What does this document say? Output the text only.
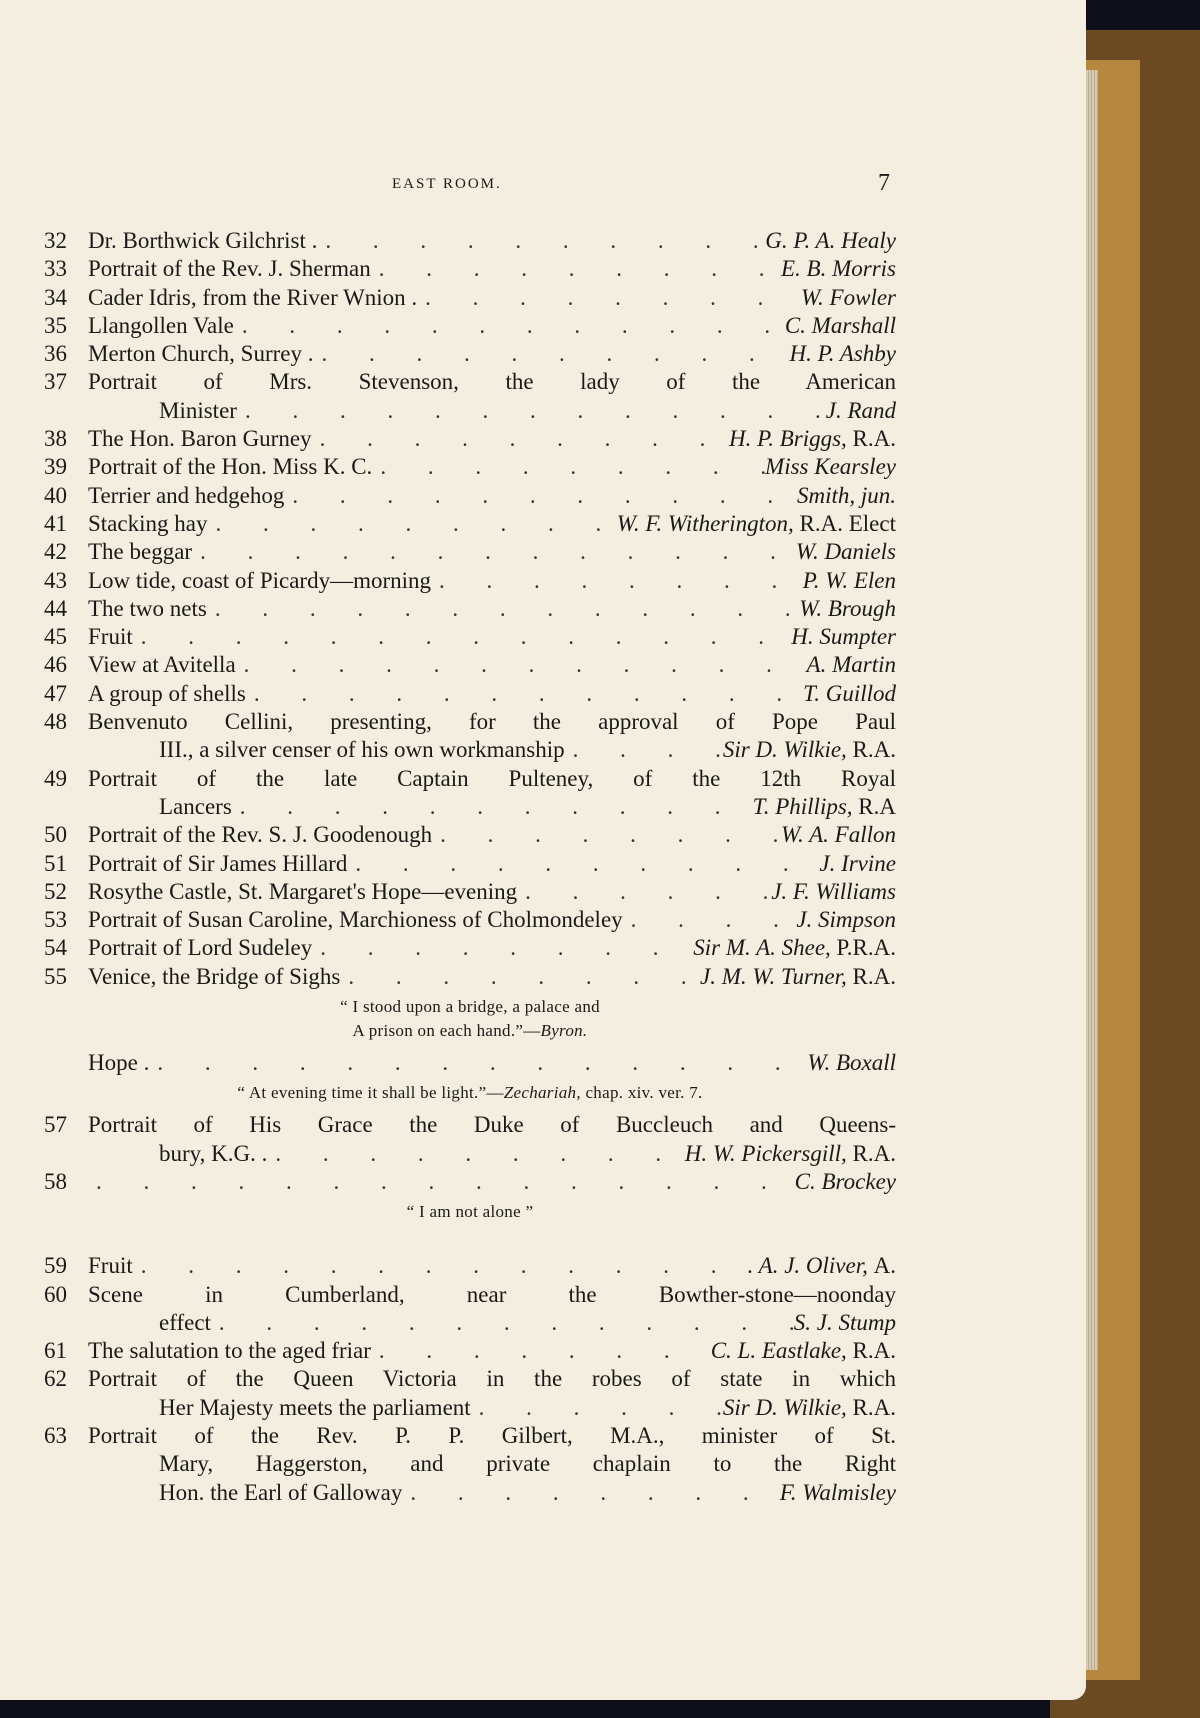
EAST ROOM.	7
32 Dr. Borthwick Gilchrist . . . .	G. P. A. Healy
33 Portrait of the Rev. J. Sherman . . .	E. B. Morris
34 Cader Idris, from the River Wnion . . . .	W. Fowler
35 Llangollen Vale . . .	C. Marshall
36 Merton Church, Surrey . . . .	H. P. Ashby
37 Portrait of Mrs. Stevenson, the lady of the American
Minister . . .	J. Rand
38 The Hon. Baron Gurney . . .	H. P. Briggs, R.A.
39 Portrait of the Hon. Miss K. C. . . .	Miss Kearsley
40 Terrier and hedgehog . . .	Smith, jun.
41 Stacking hay . . .	W. F. Witherington, R.A. Elect
42 The beggar . . .	W. Daniels
43 Low tide, coast of Picardy—morning . . .	P. W. Elen
44 The two nets . . .	W. Brough
45 Fruit . . .	H. Sumpter
46 View at Avitella . . .	A. Martin
47 A group of shells . . .	T. Guillod
48 Benvenuto Cellini, presenting, for the approval of Pope Paul
III., a silver censer of his own workmanship . . .	Sir D. Wilkie, R.A.
49 Portrait of the late Captain Pulteney, of the 12th Royal
Lancers . . .	T. Phillips, R.A
50 Portrait of the Rev. S. J. Goodenough . . .	W. A. Fallon
51 Portrait of Sir James Hillard . . .	J. Irvine
52 Rosythe Castle, St. Margaret's Hope—evening . . .	J. F. Williams
53 Portrait of Susan Caroline, Marchioness of Cholmondeley . . .	J. Simpson
54 Portrait of Lord Sudeley . . .	Sir M. A. Shee, P.R.A.
55 Venice, the Bridge of Sighs . . .	J. M. W. Turner, R.A.
“ I stood upon a bridge, a palace and
A prison on each hand.”—Byron.
Hope . . . .	W. Boxall
“ At evening time it shall be light.”—Zechariah, chap. xiv. ver. 7.
57 Portrait of His Grace the Duke of Buccleuch and Queens-
bury, K.G. . . . .	H. W. Pickersgill, R.A.
58 . . .	C. Brockey
“ I am not alone ”
59 Fruit . . .	. A. J. Oliver, A.
60 Scene in Cumberland, near the Bowther-stone—noonday
effect . . .	S. J. Stump
61 The salutation to the aged friar . . .	C. L. Eastlake, R.A.
62 Portrait of the Queen Victoria in the robes of state in which
Her Majesty meets the parliament . . .	Sir D. Wilkie, R.A.
63 Portrait of the Rev. P. P. Gilbert, M.A., minister of St.
Mary, Haggerston, and private chaplain to the Right
Hon. the Earl of Galloway . . .	F. Walmisley
